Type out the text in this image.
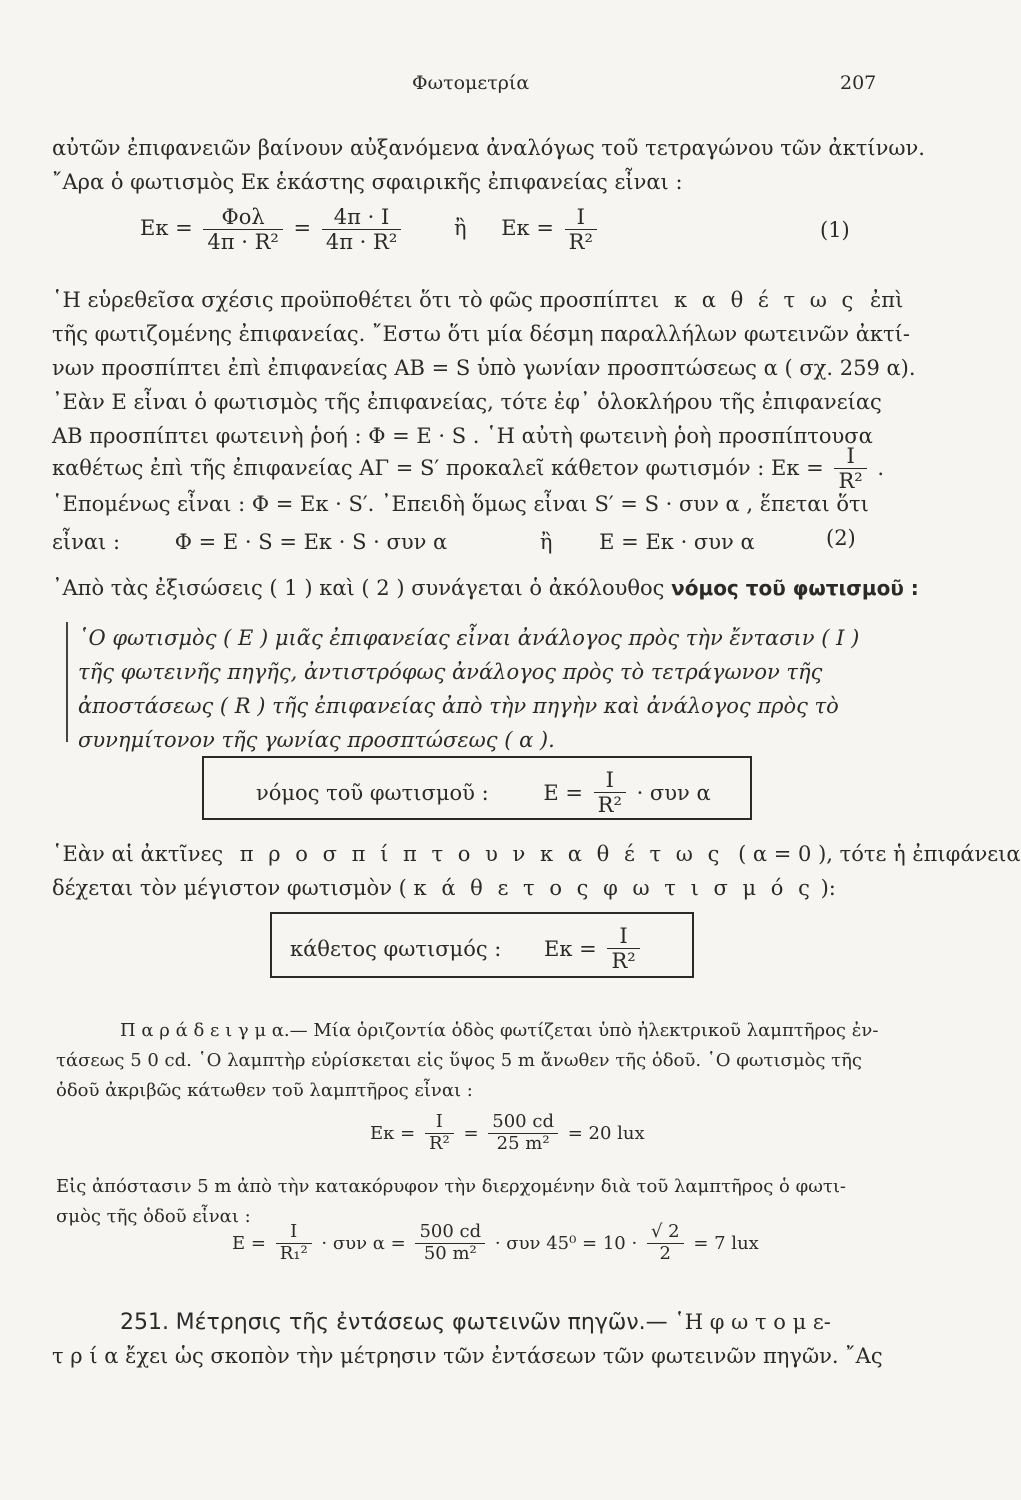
Φωτομετρία	207
αὐτῶν ἐπιφανειῶν βαίνουν αὐξανόμενα ἀναλόγως τοῦ τετραγώνου τῶν ἀκτίνων.
῎Αρα ὁ φωτισμὸς Eκ ἑκάστης σφαιρικῆς ἐπιφανείας εἶναι :
$E\kappa = \frac{\text{Φολ}}{\text{4π · R²}} = \frac{4\pi \cdot I}{\text{4π · R²}}$	ἢ $E\kappa = \frac{I}{\text{R²}}$	(1)
῾Η εὑρεθεῖσα σχέσις προϋποθέτει ὅτι τὸ φῶς προσπίπτει κ α θ έ τ ω ς ἐπὶ
τῆς φωτιζομένης ἐπιφανείας. ῎Εστω ὅτι μία δέσμη παραλλήλων φωτεινῶν ἀκτί-
νων προσπίπτει ἐπὶ ἐπιφανείας AB = S ὑπὸ γωνίαν προσπτώσεως α ( σχ. 259 α).
᾿Εὰν E εἶναι ὁ φωτισμὸς τῆς ἐπιφανείας, τότε ἐφ᾿ ὁλοκλήρου τῆς ἐπιφανείας
AB προσπίπτει φωτεινὴ ῥοή : Φ = E · S . ῾Η αὐτὴ φωτεινὴ ῥοὴ προσπίπτουσα
καθέτως ἐπὶ τῆς ἐπιφανείας ΑΓ = S′ προκαλεῖ κάθετον φωτισμόν : $E\kappa = \frac{I}{\text{R²}}$ .
῾Επομένως εἶναι : Φ = Eκ · S′. ᾿Επειδὴ ὅμως εἶναι S′ = S · συν α , ἕπεται ὅτι
εἶναι :	Φ = E · S = Eκ · S · συν α	ἢ E = Eκ · συν α	(2)
᾿Απὸ τὰς ἐξισώσεις ( 1 ) καὶ ( 2 ) συνάγεται ὁ ἀκόλουθος νόμος τοῦ φωτισμοῦ :
῾Ο φωτισμὸς ( E ) μιᾶς ἐπιφανείας εἶναι ἀνάλογος πρὸς τὴν ἔντασιν ( I )
τῆς φωτεινῆς πηγῆς, ἀντιστρόφως ἀνάλογος πρὸς τὸ τετράγωνον τῆς
ἀποστάσεως ( R ) τῆς ἐπιφανείας ἀπὸ τὴν πηγὴν καὶ ἀνάλογος πρὸς τὸ
συνημίτονον τῆς γωνίας προσπτώσεως ( α ).
νόμος τοῦ φωτισμοῦ :	$E = \frac{I}{\text{R²}} \cdot \sigma\upsilon\nu$ α
῾Εὰν αἱ ἀκτῖνες π ρ ο σ π ί π τ ο υ ν κ α θ έ τ ω ς ( α = 0 ), τότε ἡ ἐπιφάνεια
δέχεται τὸν μέγιστον φωτισμὸν ( κ ά θ ε τ ο ς φ ω τ ι σ μ ό ς ):
κάθετος φωτισμός : $E\kappa = \frac{I}{\text{R²}}$
Π α ρ ά δ ε ι γ μ α.— Μία ὁριζοντία ὁδὸς φωτίζεται ὑπὸ ἠλεκτρικοῦ λαμπτῆρος ἐν-
τάσεως 5 0 cd. ῾Ο λαμπτὴρ εὑρίσκεται εἰς ὕψος 5 m ἄνωθεν τῆς ὁδοῦ. ῾Ο φωτισμὸς τῆς
ὁδοῦ ἀκριβῶς κάτωθεν τοῦ λαμπτῆρος εἶναι :
$E\kappa = \frac{I}{\text{R²}} = \frac{500 cd}{\text{25 m²}} = 20$ lux
Εἰς ἀπόστασιν 5 m ἀπὸ τὴν κατακόρυφον τὴν διερχομένην διὰ τοῦ λαμπτῆρος ὁ φωτι-
σμὸς τῆς ὁδοῦ εἶναι :
$E = \frac{I}{\text{R₁²}} \cdot \sigma\upsilon\nu$ $\alpha = \frac{500 cd}{\text{50 m²}} \cdot \sigma\upsilon\nu$ $45^0 = 10 \cdot \frac{√ 2}{2} = 7$ lux
251. Μέτρησις τῆς ἐντάσεως φωτεινῶν πηγῶν.— ῾Η φ ω τ ο μ ε-
τ ρ ί α ἔχει ὡς σκοπὸν τὴν μέτρησιν τῶν ἐντάσεων τῶν φωτεινῶν πηγῶν. ῎Ας
